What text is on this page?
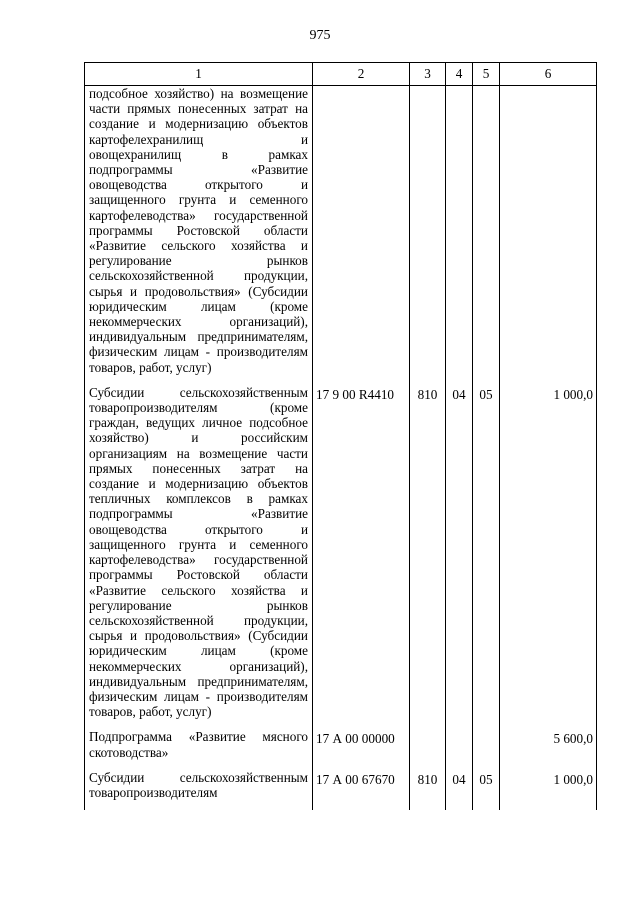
975
1	2	3	4	5	6
подсобное хозяйство) на возмещение части прямых понесенных затрат на создание и модернизацию объектов картофелехранилищ и овощехранилищ в рамках подпрограммы «Развитие овощеводства открытого и защищенного грунта и семенного картофелеводства» государственной программы Ростовской области «Развитие сельского хозяйства и регулирование рынков сельскохозяйственной продукции, сырья и продовольствия» (Субсидии юридическим лицам (кроме некоммерческих организаций), индивидуальным предпринимателям, физическим лицам - производителям товаров, работ, услуг)					
Субсидии сельскохозяйственным товаропроизводителям (кроме граждан, ведущих личное подсобное хозяйство) и российским организациям на возмещение части прямых понесенных затрат на создание и модернизацию объектов тепличных комплексов в рамках подпрограммы «Развитие овощеводства открытого и защищенного грунта и семенного картофелеводства» государственной программы Ростовской области «Развитие сельского хозяйства и регулирование рынков сельскохозяйственной продукции, сырья и продовольствия» (Субсидии юридическим лицам (кроме некоммерческих организаций), индивидуальным предпринимателям, физическим лицам - производителям товаров, работ, услуг)	17 9 00 R4410	810	04	05	1 000,0
Подпрограмма «Развитие мясного скотоводства»	17 А 00 00000				5 600,0
Субсидии сельскохозяйственным товаропроизводителям	17 А 00 67670	810	04	05	1 000,0
